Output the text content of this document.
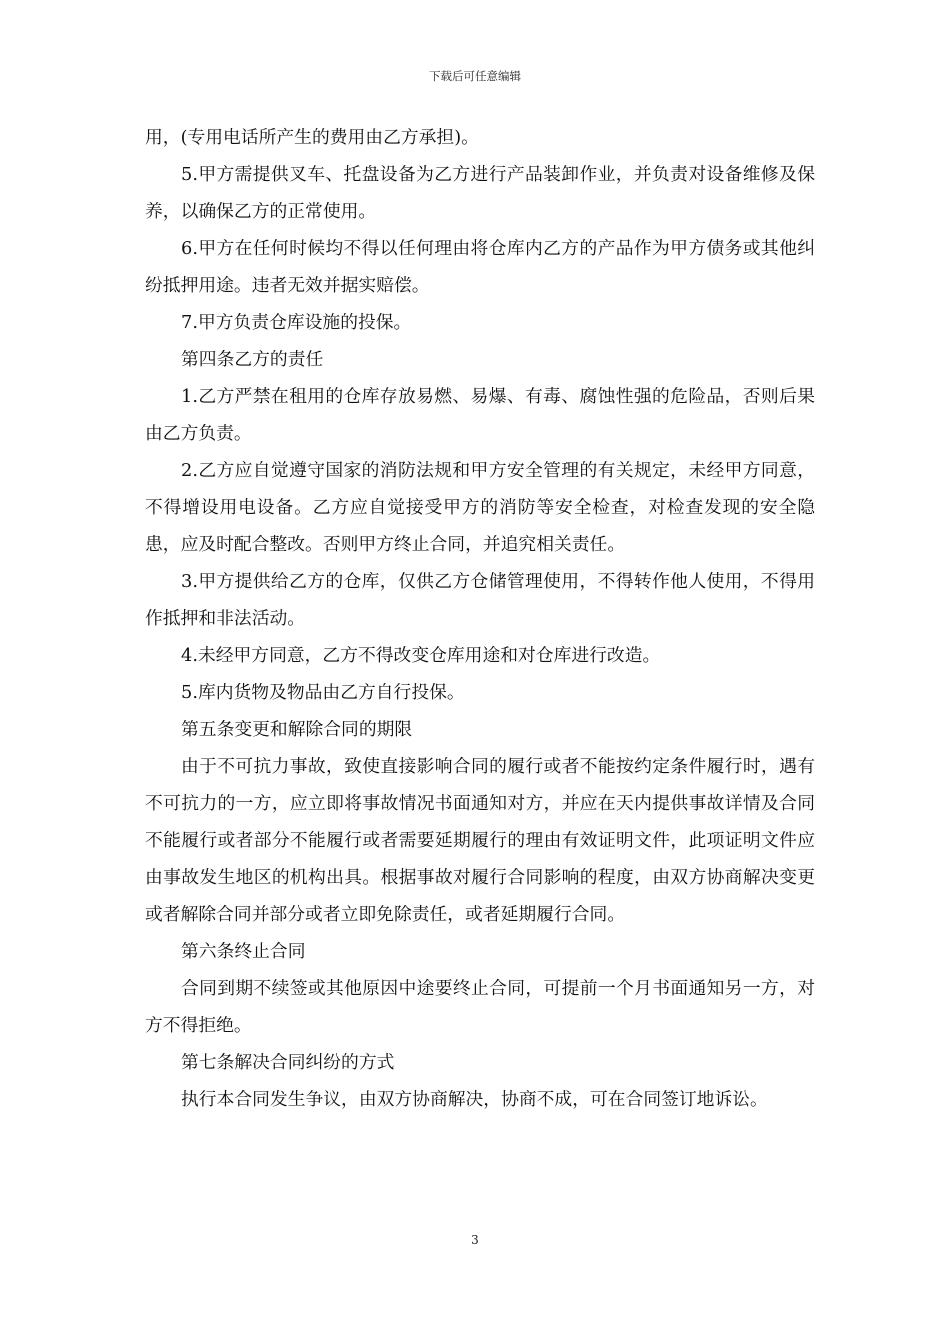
下载后可任意编辑

用，(专用电话所产生的费用由乙方承担)。

5.甲方需提供叉车、托盘设备为乙方进行产品装卸作业，并负责对设备维修及保养，以确保乙方的正常使用。

6.甲方在任何时候均不得以任何理由将仓库内乙方的产品作为甲方债务或其他纠纷抵押用途。违者无效并据实赔偿。

7.甲方负责仓库设施的投保。

第四条乙方的责任

1.乙方严禁在租用的仓库存放易燃、易爆、有毒、腐蚀性强的危险品，否则后果由乙方负责。

2.乙方应自觉遵守国家的消防法规和甲方安全管理的有关规定，未经甲方同意，不得增设用电设备。乙方应自觉接受甲方的消防等安全检查，对检查发现的安全隐患，应及时配合整改。否则甲方终止合同，并追究相关责任。

3.甲方提供给乙方的仓库，仅供乙方仓储管理使用，不得转作他人使用，不得用作抵押和非法活动。

4.未经甲方同意，乙方不得改变仓库用途和对仓库进行改造。

5.库内货物及物品由乙方自行投保。

第五条变更和解除合同的期限

由于不可抗力事故，致使直接影响合同的履行或者不能按约定条件履行时，遇有不可抗力的一方，应立即将事故情况书面通知对方，并应在天内提供事故详情及合同不能履行或者部分不能履行或者需要延期履行的理由有效证明文件，此项证明文件应由事故发生地区的机构出具。根据事故对履行合同影响的程度，由双方协商解决变更或者解除合同并部分或者立即免除责任，或者延期履行合同。

第六条终止合同

合同到期不续签或其他原因中途要终止合同，可提前一个月书面通知另一方，对方不得拒绝。

第七条解决合同纠纷的方式

执行本合同发生争议，由双方协商解决，协商不成，可在合同签订地诉讼。

3
